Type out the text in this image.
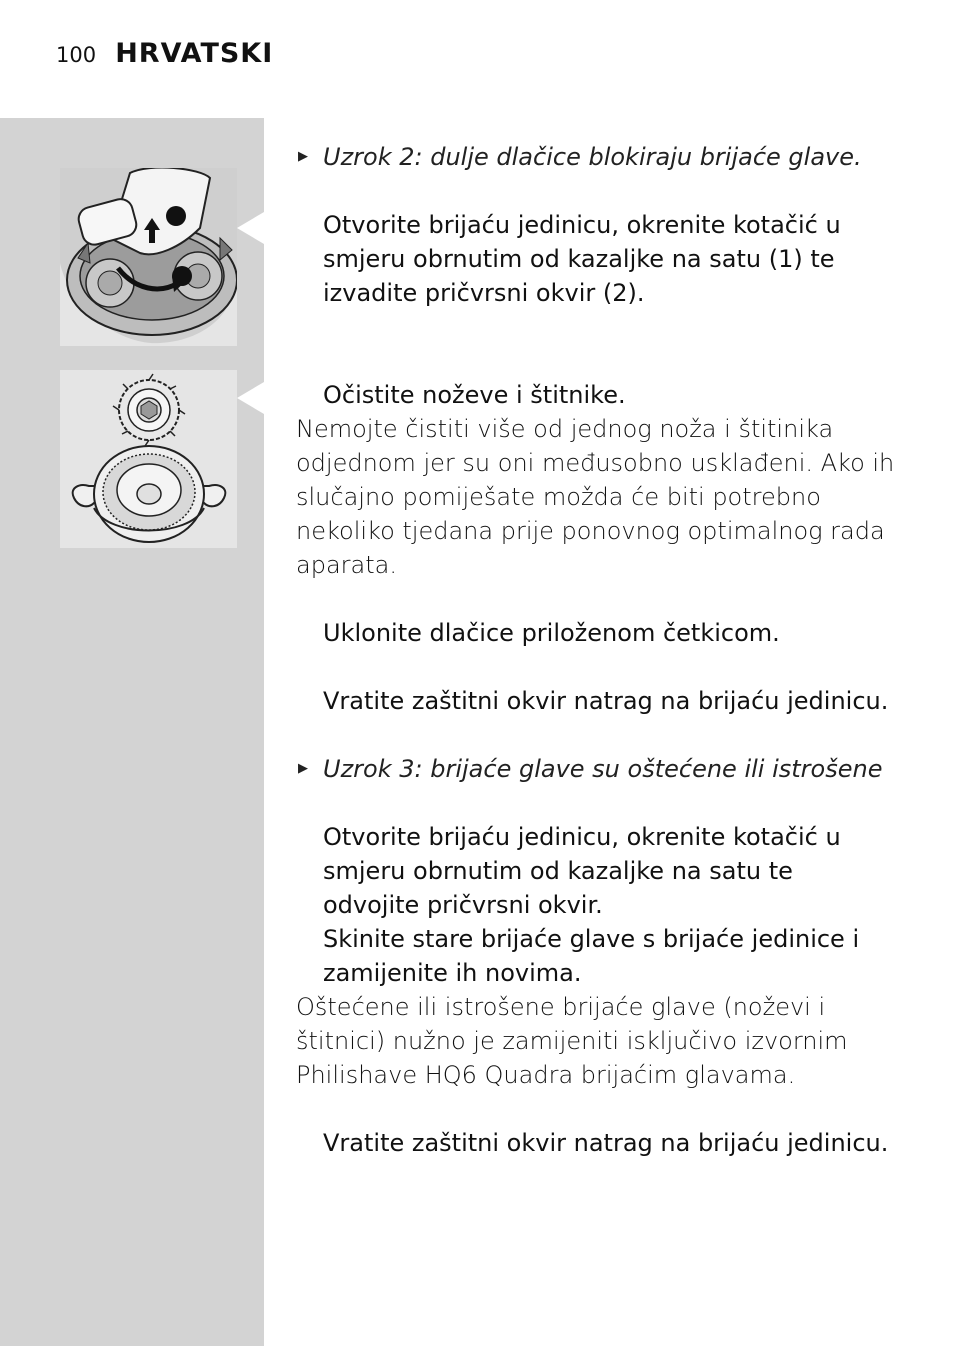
100 HRVATSKI

▶ Uzrok 2: dulje dlačice blokiraju brijaće glave.

Otvorite brijaću jedinicu, okrenite kotačić u smjeru obrnutim od kazaljke na satu (1) te izvadite pričvrsni okvir (2).

Očistite noževe i štitnike.

Nemojte čistiti više od jednog noža i štitinika odjednom jer su oni međusobno usklađeni. Ako ih slučajno pomiješate možda će biti potrebno nekoliko tjedana prije ponovnog optimalnog rada aparata.

Uklonite dlačice priloženom četkicom.

Vratite zaštitni okvir natrag na brijaću jedinicu.

▶ Uzrok 3: brijaće glave su oštećene ili istrošene

Otvorite brijaću jedinicu, okrenite kotačić u smjeru obrnutim od kazaljke na satu te odvojite pričvrsni okvir.

Skinite stare brijaće glave s brijaće jedinice i zamijenite ih novima.

Oštećene ili istrošene brijaće glave (noževi i štitnici) nužno je zamijeniti isključivo izvornim Philishave HQ6 Quadra brijaćim glavama.

Vratite zaštitni okvir natrag na brijaću jedinicu.
